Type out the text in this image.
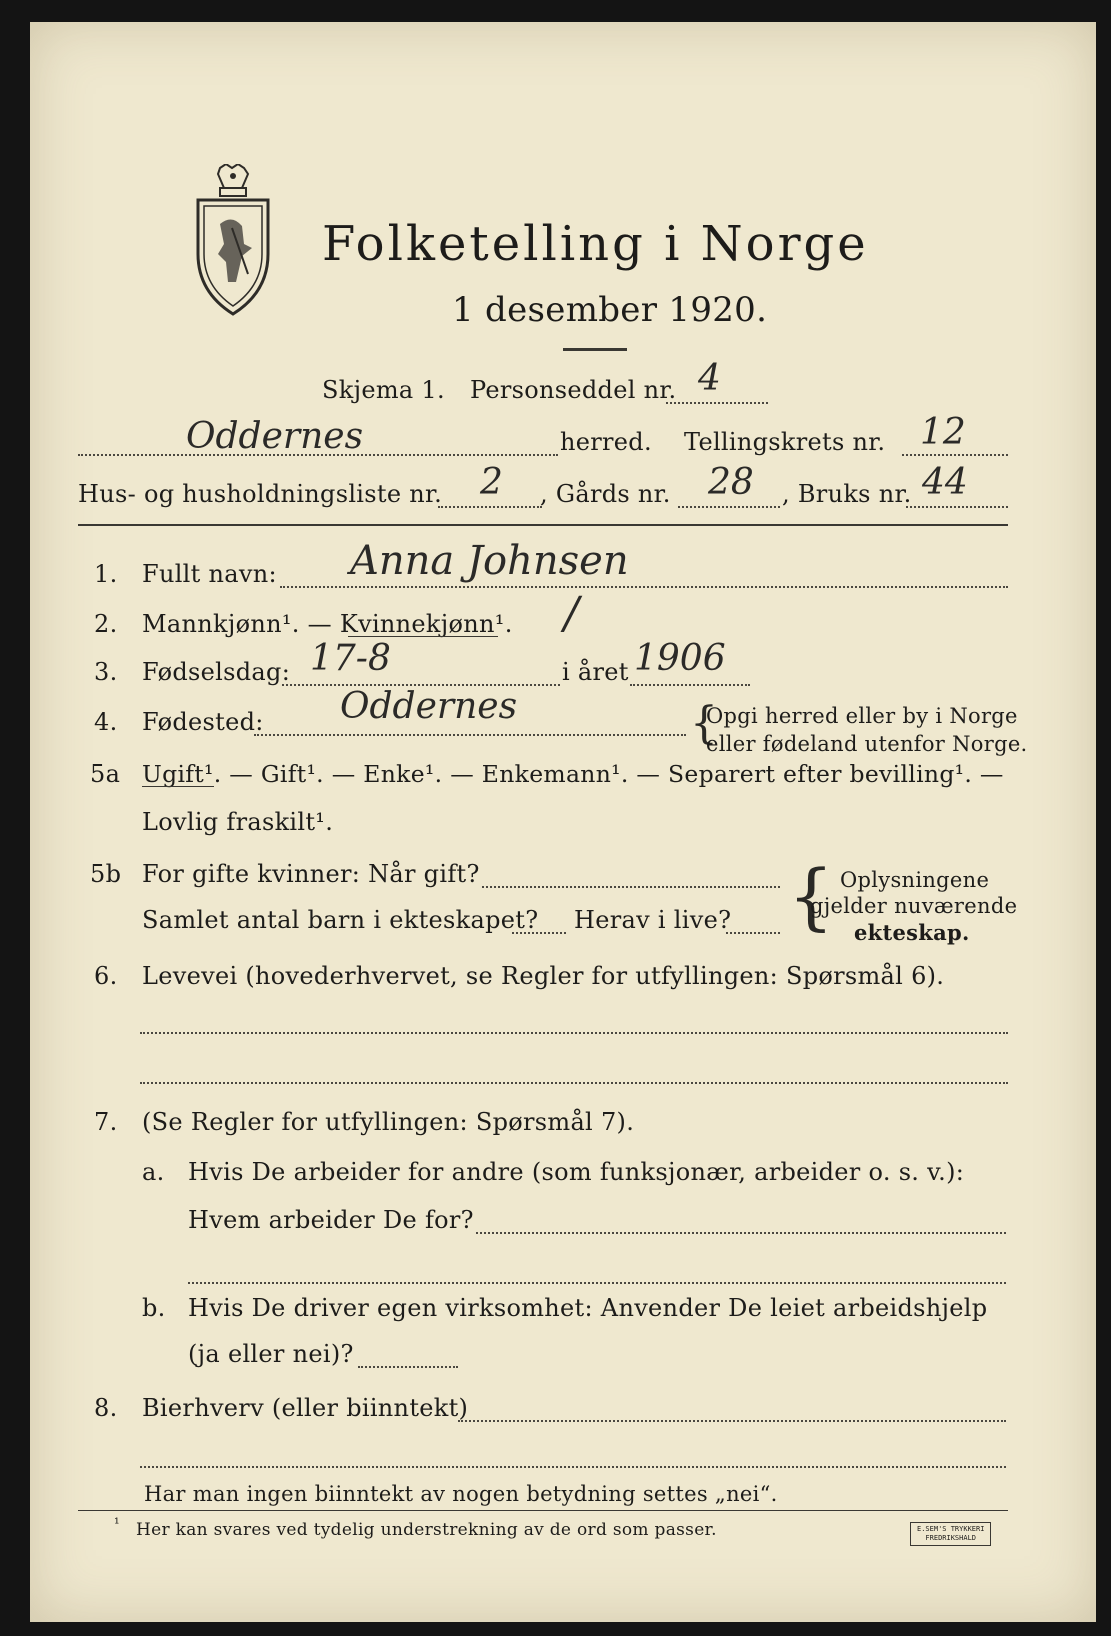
Folketelling i Norge
1 desember 1920.
Skjema 1. Personseddel nr. 4
Oddernes	herred. Tellingskrets nr. 12
Hus- og husholdningsliste nr. 2 , Gårds nr. 28 , Bruks nr. 44
1. Fullt navn: Anna Johnsen
2. Mannkjønn¹. — Kvinnekjønn¹. /
3. Fødselsdag: 17-8	i året 1906
4. Fødested: Oddernes	{
Opgi herred eller by i Norge
eller fødeland utenfor Norge.
5a Ugift¹. — Gift¹. — Enke¹. — Enkemann¹. — Separert efter bevilling¹. —
Lovlig fraskilt¹.
5b For gifte kvinner: Når gift?
Samlet antal barn i ekteskapet? Herav i live? { Oplysningene
gjelder nuværende
ekteskap.
6. Levevei (hovederhvervet, se Regler for utfyllingen: Spørsmål 6).
7. (Se Regler for utfyllingen: Spørsmål 7).
a. Hvis De arbeider for andre (som funksjonær, arbeider o. s. v.):
Hvem arbeider De for?
b. Hvis De driver egen virksomhet: Anvender De leiet arbeidshjelp
(ja eller nei)?
8. Bierhverv (eller biinntekt)
Har man ingen biinntekt av nogen betydning settes „nei“.
¹ Her kan svares ved tydelig understrekning av de ord som passer.	E.SEM'S TRYKKERI
FREDRIKSHALD
